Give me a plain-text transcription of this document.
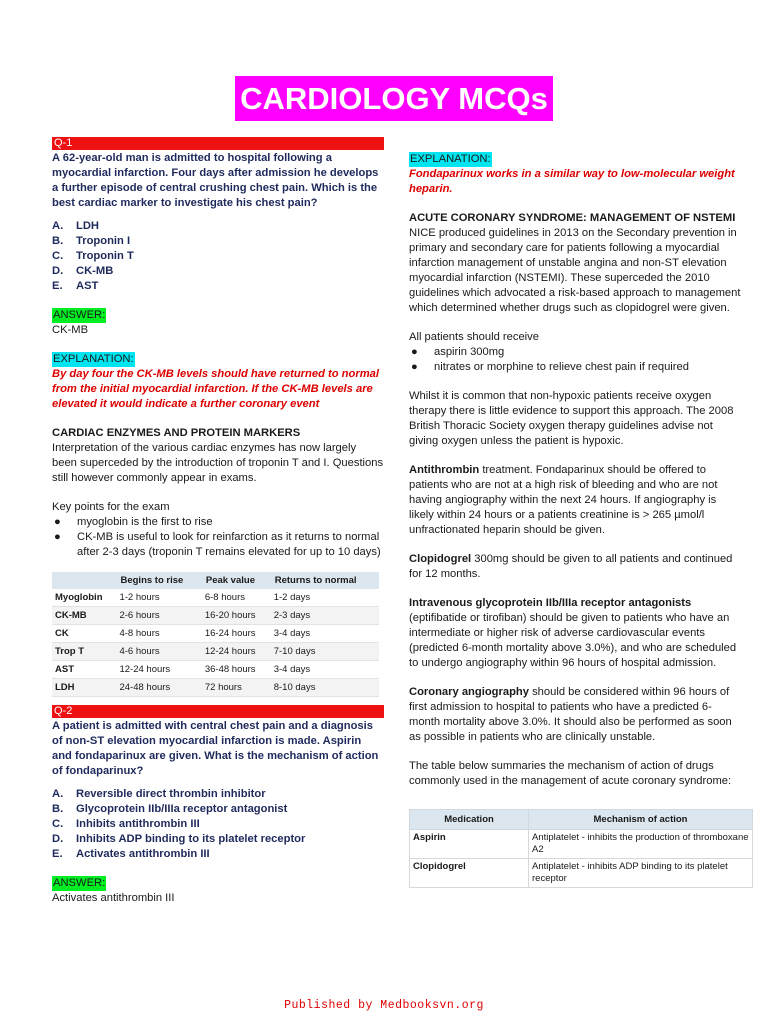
CARDIOLOGY MCQs
Q-1

A 62-year-old man is admitted to hospital following a myocardial infarction. Four days after admission he develops a further episode of central crushing chest pain. Which is the best cardiac marker to investigate his chest pain?

A.	LDH
B.	Troponin I
C.	Troponin T
D.	CK-MB
E.	AST
ANSWER:

CK-MB

EXPLANATION:

By day four the CK-MB levels should have returned to normal from the initial myocardial infarction. If the CK-MB levels are elevated it would indicate a further coronary event

CARDIAC ENZYMES AND PROTEIN MARKERS

Interpretation of the various cardiac enzymes has now largely been superceded by the introduction of troponin T and I. Questions still however commonly appear in exams.

Key points for the exam

●	myoglobin is the first to rise
●	CK-MB is useful to look for reinfarction as it returns to normal after 2-3 days (troponin T remains elevated for up to 10 days)
	Begins to rise	Peak value	Returns to normal
Myoglobin	1-2 hours	6-8 hours	1-2 days
CK-MB	2-6 hours	16-20 hours	2-3 days
CK	4-8 hours	16-24 hours	3-4 days
Trop T	4-6 hours	12-24 hours	7-10 days
AST	12-24 hours	36-48 hours	3-4 days
LDH	24-48 hours	72 hours	8-10 days
Q-2

A patient is admitted with central chest pain and a diagnosis of non-ST elevation myocardial infarction is made. Aspirin and fondaparinux are given. What is the mechanism of action of fondaparinux?

A.	Reversible direct thrombin inhibitor
B.	Glycoprotein IIb/IIIa receptor antagonist
C.	Inhibits antithrombin III
D.	Inhibits ADP binding to its platelet receptor
E.	Activates antithrombin III
ANSWER:

Activates antithrombin III

EXPLANATION:

Fondaparinux works in a similar way to low-molecular weight heparin.

ACUTE CORONARY SYNDROME: MANAGEMENT OF NSTEMI

NICE produced guidelines in 2013 on the Secondary prevention in primary and secondary care for patients following a myocardial infarction management of unstable angina and non-ST elevation myocardial infarction (NSTEMI). These superceded the 2010 guidelines which advocated a risk-based approach to management which determined whether drugs such as clopidogrel were given.

All patients should receive

●	aspirin 300mg
●	nitrates or morphine to relieve chest pain if required

Whilst it is common that non-hypoxic patients receive oxygen therapy there is little evidence to support this approach. The 2008 British Thoracic Society oxygen therapy guidelines advise not giving oxygen unless the patient is hypoxic.

Antithrombin treatment. Fondaparinux should be offered to patients who are not at a high risk of bleeding and who are not having angiography within the next 24 hours. If angiography is likely within 24 hours or a patients creatinine is > 265 µmol/l unfractionated heparin should be given.

Clopidogrel 300mg should be given to all patients and continued for 12 months.

Intravenous glycoprotein IIb/IIIa receptor antagonists

(eptifibatide or tirofiban) should be given to patients who have an intermediate or higher risk of adverse cardiovascular events (predicted 6-month mortality above 3.0%), and who are scheduled to undergo angiography within 96 hours of hospital admission.

Coronary angiography should be considered within 96 hours of first admission to hospital to patients who have a predicted 6-month mortality above 3.0%. It should also be performed as soon as possible in patients who are clinically unstable.

The table below summaries the mechanism of action of drugs commonly used in the management of acute coronary syndrome:

Medication	Mechanism of action
Aspirin	Antiplatelet - inhibits the production of thromboxane A2
Clopidogrel	Antiplatelet - inhibits ADP binding to its platelet receptor
Published by Medbooksvn.org
